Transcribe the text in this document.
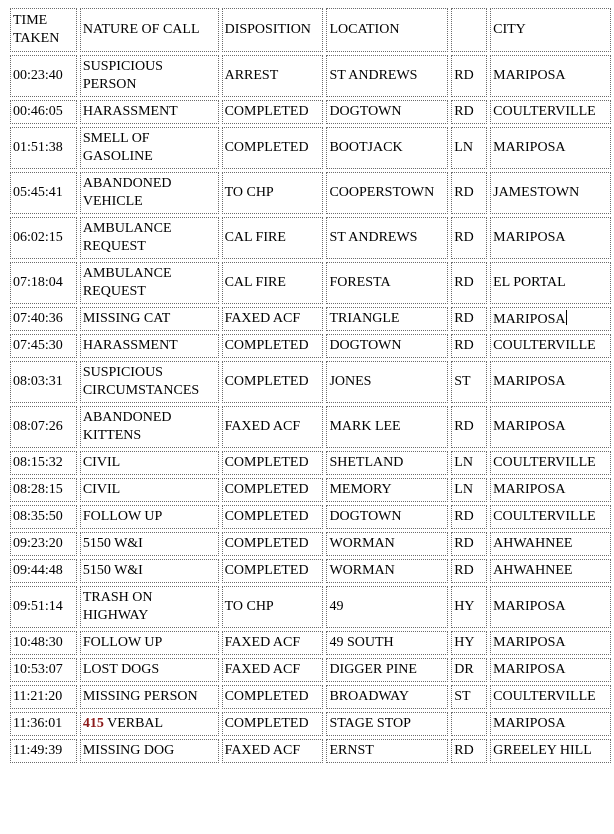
TIME TAKEN	NATURE OF CALL	DISPOSITION	LOCATION		CITY
00:23:40	SUSPICIOUS PERSON	ARREST	ST ANDREWS	RD	MARIPOSA
00:46:05	HARASSMENT	COMPLETED	DOGTOWN	RD	COULTERVILLE
01:51:38	SMELL OF GASOLINE	COMPLETED	BOOTJACK	LN	MARIPOSA
05:45:41	ABANDONED VEHICLE	TO CHP	COOPERSTOWN	RD	JAMESTOWN
06:02:15	AMBULANCE REQUEST	CAL FIRE	ST ANDREWS	RD	MARIPOSA
07:18:04	AMBULANCE REQUEST	CAL FIRE	FORESTA	RD	EL PORTAL
07:40:36	MISSING CAT	FAXED ACF	TRIANGLE	RD	MARIPOSA
07:45:30	HARASSMENT	COMPLETED	DOGTOWN	RD	COULTERVILLE
08:03:31	SUSPICIOUS CIRCUMSTANCES	COMPLETED	JONES	ST	MARIPOSA
08:07:26	ABANDONED KITTENS	FAXED ACF	MARK LEE	RD	MARIPOSA
08:15:32	CIVIL	COMPLETED	SHETLAND	LN	COULTERVILLE
08:28:15	CIVIL	COMPLETED	MEMORY	LN	MARIPOSA
08:35:50	FOLLOW UP	COMPLETED	DOGTOWN	RD	COULTERVILLE
09:23:20	5150 W&I	COMPLETED	WORMAN	RD	AHWAHNEE
09:44:48	5150 W&I	COMPLETED	WORMAN	RD	AHWAHNEE
09:51:14	TRASH ON HIGHWAY	TO CHP	49	HY	MARIPOSA
10:48:30	FOLLOW UP	FAXED ACF	49 SOUTH	HY	MARIPOSA
10:53:07	LOST DOGS	FAXED ACF	DIGGER PINE	DR	MARIPOSA
11:21:20	MISSING PERSON	COMPLETED	BROADWAY	ST	COULTERVILLE
11:36:01	415 VERBAL	COMPLETED	STAGE STOP		MARIPOSA
11:49:39	MISSING DOG	FAXED ACF	ERNST	RD	GREELEY HILL
